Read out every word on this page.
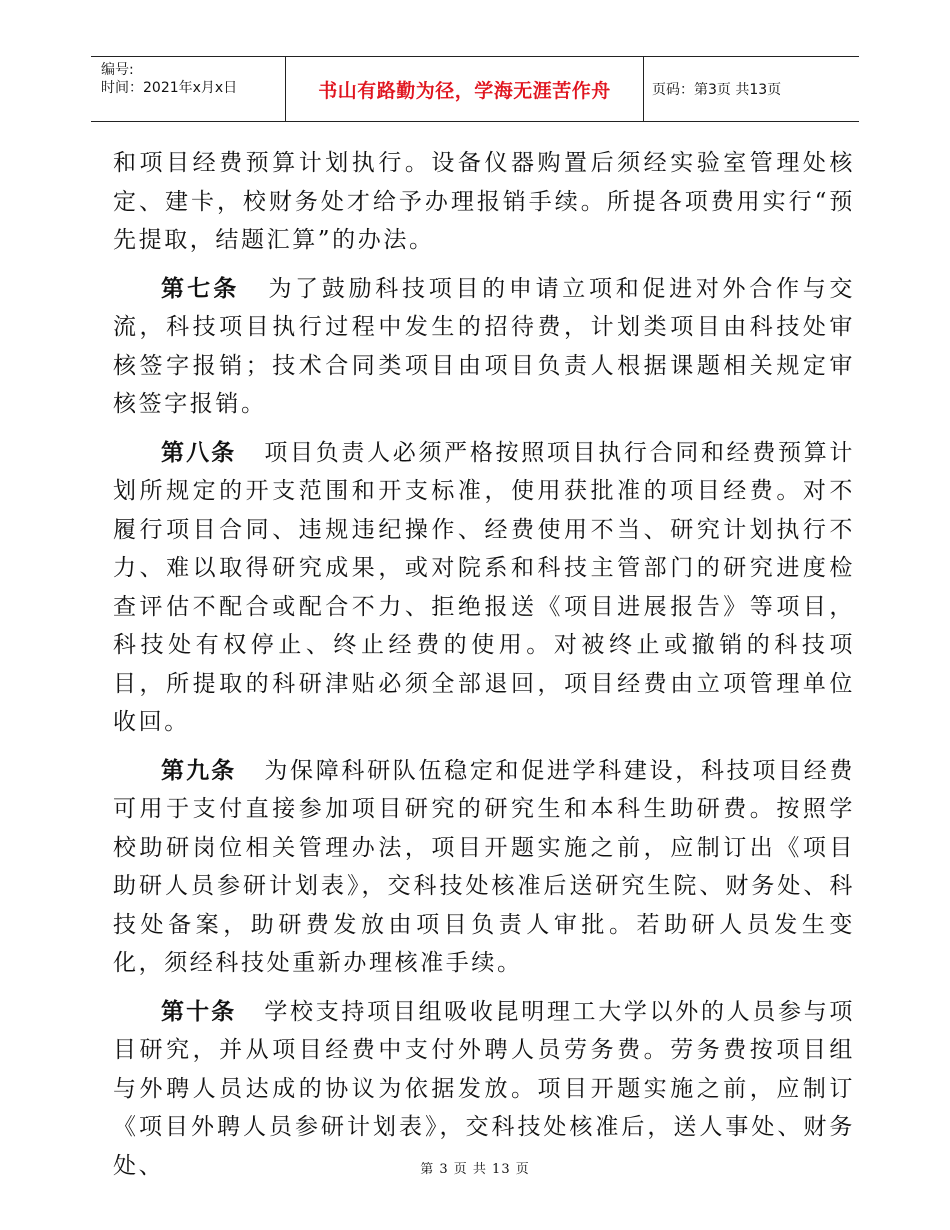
编号:
时间：2021年x月x日	书山有路勤为径，学海无涯苦作舟	页码：第3页 共13页

和项目经费预算计划执行。设备仪器购置后须经实验室管理处核定、建卡，校财务处才给予办理报销手续。所提各项费用实行“预先提取，结题汇算”的办法。

第七条 为了鼓励科技项目的申请立项和促进对外合作与交流，科技项目执行过程中发生的招待费，计划类项目由科技处审核签字报销；技术合同类项目由项目负责人根据课题相关规定审核签字报销。

第八条 项目负责人必须严格按照项目执行合同和经费预算计划所规定的开支范围和开支标准，使用获批准的项目经费。对不履行项目合同、违规违纪操作、经费使用不当、研究计划执行不力、难以取得研究成果，或对院系和科技主管部门的研究进度检查评估不配合或配合不力、拒绝报送《项目进展报告》等项目，科技处有权停止、终止经费的使用。对被终止或撤销的科技项目，所提取的科研津贴必须全部退回，项目经费由立项管理单位收回。

第九条 为保障科研队伍稳定和促进学科建设，科技项目经费可用于支付直接参加项目研究的研究生和本科生助研费。按照学校助研岗位相关管理办法，项目开题实施之前，应制订出《项目助研人员参研计划表》，交科技处核准后送研究生院、财务处、科技处备案，助研费发放由项目负责人审批。若助研人员发生变化，须经科技处重新办理核准手续。

第十条 学校支持项目组吸收昆明理工大学以外的人员参与项目研究，并从项目经费中支付外聘人员劳务费。劳务费按项目组与外聘人员达成的协议为依据发放。项目开题实施之前，应制订《项目外聘人员参研计划表》，交科技处核准后，送人事处、财务处、	第 3 页 共 13 页
